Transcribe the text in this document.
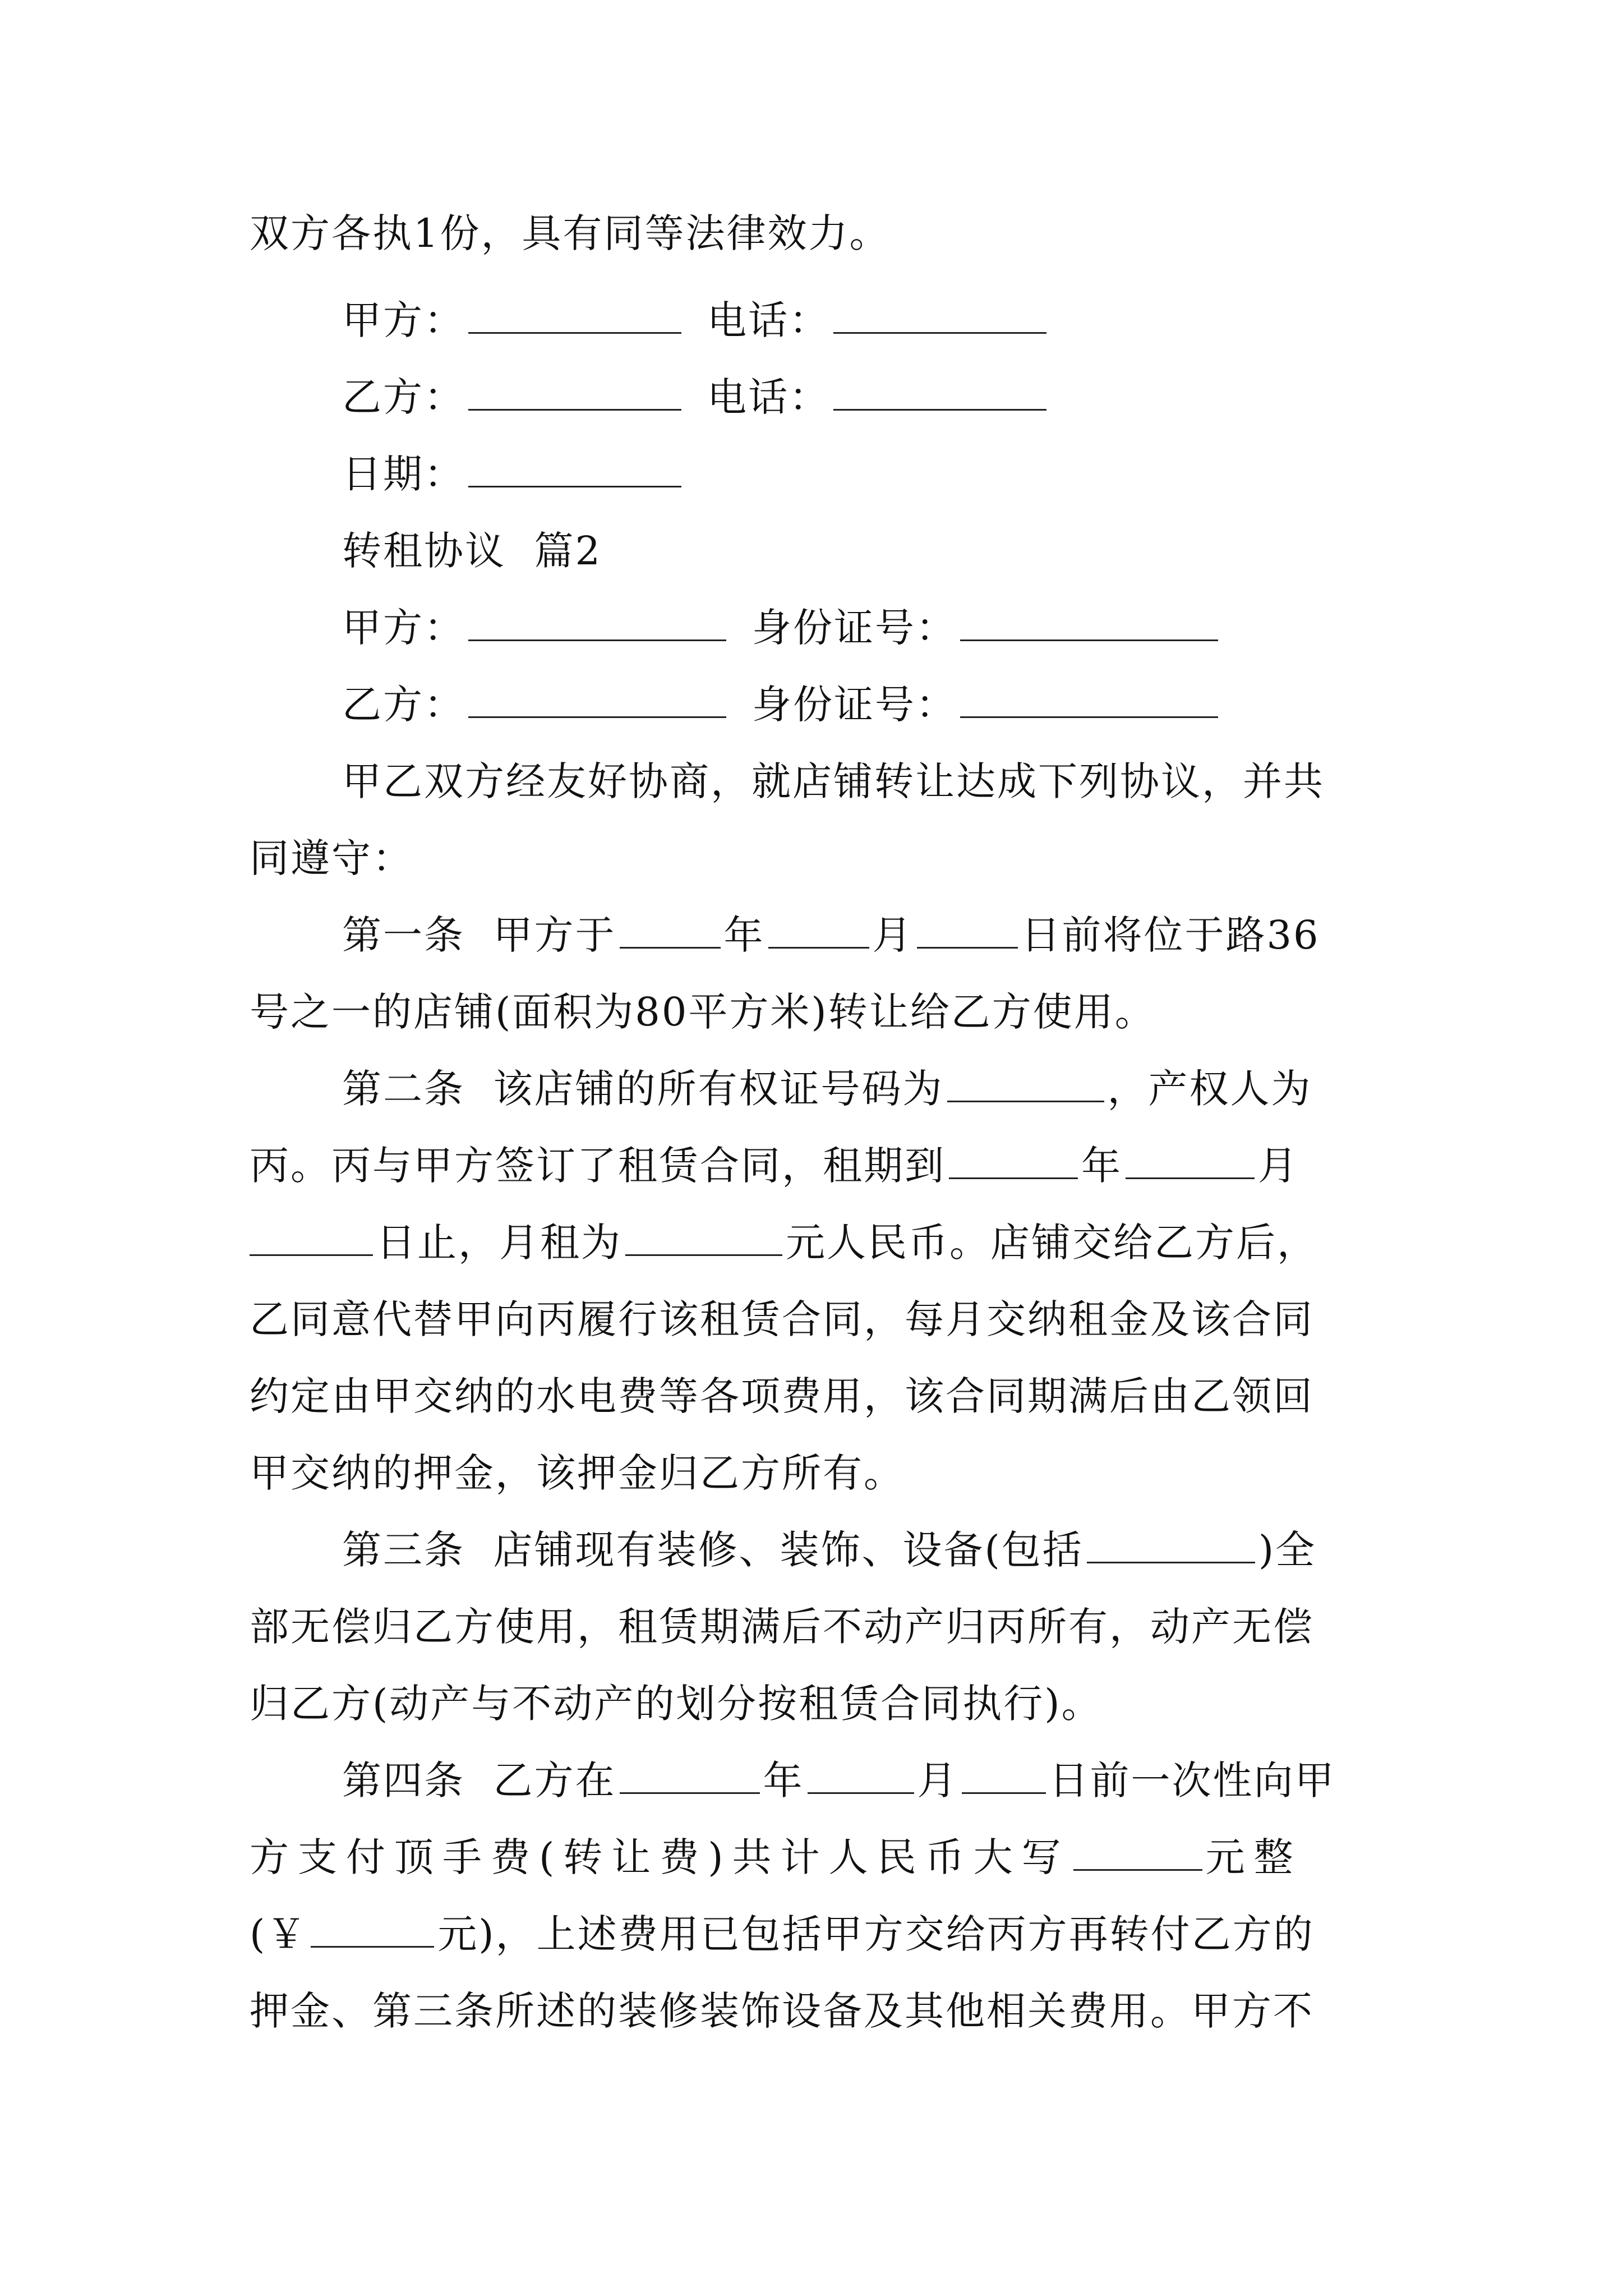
双方各执1份，具有同等法律效力。
甲方：	电话：
乙方：	电话：
日期：
转租协议  篇2
甲方：	身份证号：
乙方：	身份证号：
甲乙双方经友好协商，就店铺转让达成下列协议，并共
同遵守：
第一条  甲方于	年	月	日前将位于路36
号之一的店铺(面积为80平方米)转让给乙方使用。
第二条  该店铺的所有权证号码为	，产权人为
丙。丙与甲方签订了租赁合同，租期到	年	月
日止，月租为	元人民币。店铺交给乙方后，
乙同意代替甲向丙履行该租赁合同，每月交纳租金及该合同
约定由甲交纳的水电费等各项费用，该合同期满后由乙领回
甲交纳的押金，该押金归乙方所有。
第三条  店铺现有装修、装饰、设备(包括	)全
部无偿归乙方使用，租赁期满后不动产归丙所有，动产无偿
归乙方(动产与不动产的划分按租赁合同执行)。
第四条  乙方在	年	月 日前一次性向甲
方支付顶手费(转让费)共计人民币大写	元整
(￥	元)，上述费用已包括甲方交给丙方再转付乙方的
押金、第三条所述的装修装饰设备及其他相关费用。甲方不
